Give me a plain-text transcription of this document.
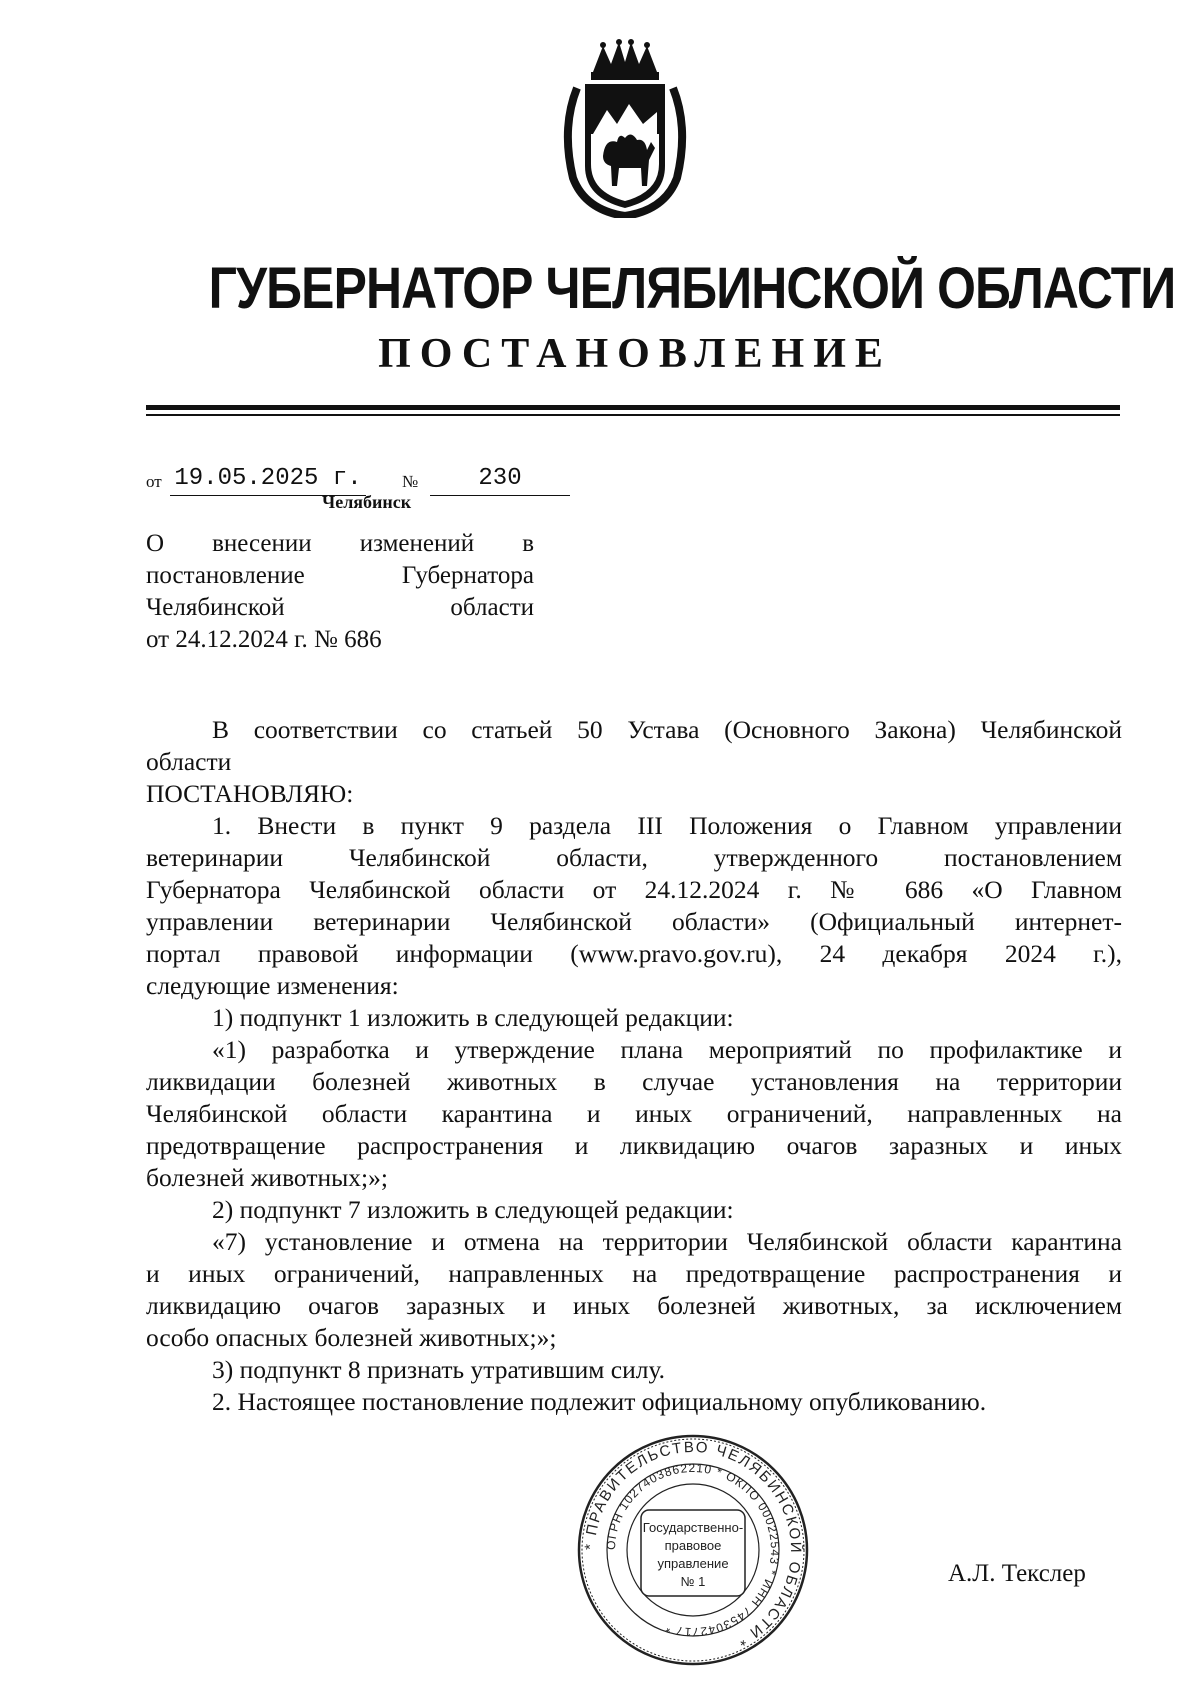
ГУБЕРНАТОР ЧЕЛЯБИНСКОЙ ОБЛАСТИ
ПОСТАНОВЛЕНИЕ
от 19.05.2025 г. №	230
Челябинск

О внесении изменений в
постановление Губернатора
Челябинской области
от 24.12.2024 г. № 686

В соответствии со статьей 50 Устава (Основного Закона) Челябинской
области

ПОСТАНОВЛЯЮ:

1. Внести в пункт 9 раздела III Положения о Главном управлении
ветеринарии Челябинской области, утвержденного постановлением
Губернатора Челябинской области от 24.12.2024 г. № 686 «О Главном
управлении ветеринарии Челябинской области» (Официальный интернет-
портал правовой информации (www.pravo.gov.ru), 24 декабря 2024 г.),
следующие изменения:

1) подпункт 1 изложить в следующей редакции:

«1) разработка и утверждение плана мероприятий по профилактике и
ликвидации болезней животных в случае установления на территории
Челябинской области карантина и иных ограничений, направленных на
предотвращение распространения и ликвидацию очагов заразных и иных
болезней животных;»;

2) подпункт 7 изложить в следующей редакции:

«7) установление и отмена на территории Челябинской области карантина
и иных ограничений, направленных на предотвращение распространения и
ликвидацию очагов заразных и иных болезней животных, за исключением
особо опасных болезней животных;»;

3) подпункт 8 признать утратившим силу.

2. Настоящее постановление подлежит официальному опубликованию.

* ПРАВИТЕЛЬСТВО ЧЕЛЯБИНСКОЙ ОБЛАСТИ *
ОГРН 1027403862210 * ОКПО 00022543 * ИНН 7453042717 *
Государственно-
правовое
управление
№ 1	А.Л. Текслер
